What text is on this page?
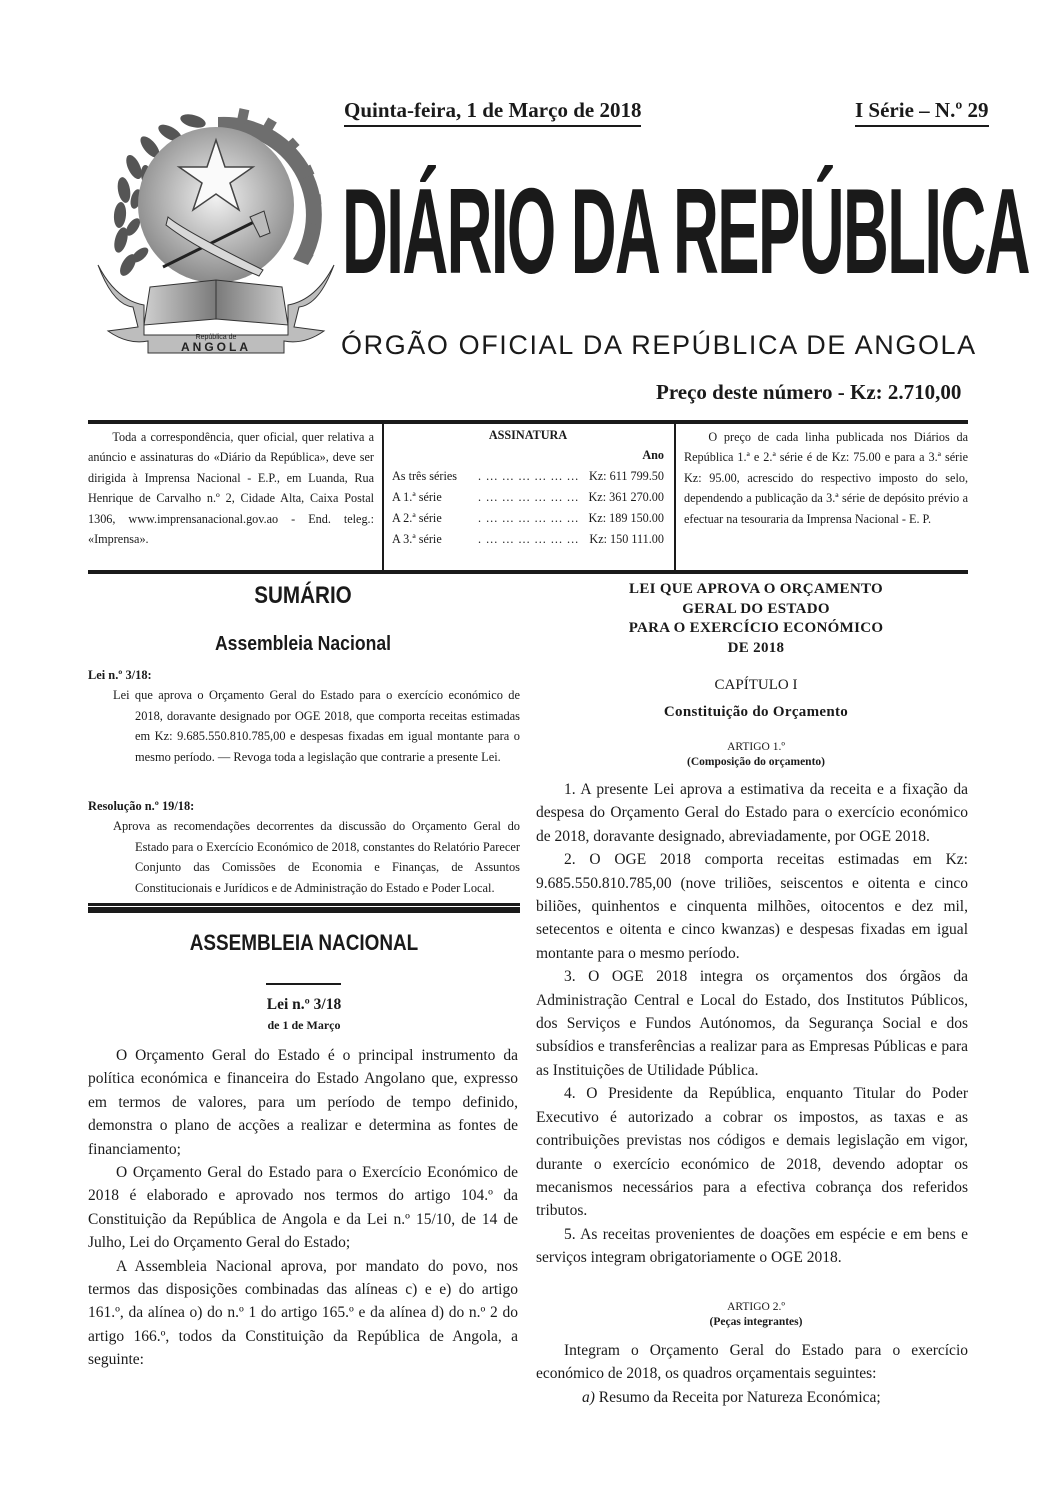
República de
ANGOLA
Quinta-feira, 1 de Março de 2018	I Série – N.º 29
DIÁRIO DA REPÚBLICA
ÓRGÃO OFICIAL DA REPÚBLICA DE ANGOLA
Preço deste número - Kz: 2.710,00
Toda a correspondência, quer oficial, quer relativa a anúncio e assinaturas do «Diário da República», deve ser dirigida à Imprensa Nacional - E.P., em Luanda, Rua Henrique de Carvalho n.º 2, Cidade Alta, Caixa Postal 1306, www.imprensanacional.gov.ao - End. teleg.: «Imprensa».
ASSINATURA
Ano
As três séries	. ... ... ... ... ... ... Kz: 611 799.50
A 1.ª série	. ... ... ... ... ... ... Kz: 361 270.00
A 2.ª série	. ... ... ... ... ... ... Kz: 189 150.00
A 3.ª série	. ... ... ... ... ... ... Kz: 150 111.00
O preço de cada linha publicada nos Diários da República 1.ª e 2.ª série é de Kz: 75.00 e para a 3.ª série Kz: 95.00, acrescido do respectivo imposto do selo, dependendo a publicação da 3.ª série de depósito prévio a efectuar na tesouraria da Imprensa Nacional - E. P.
SUMÁRIO
Assembleia Nacional
Lei n.º 3/18:

Lei que aprova o Orçamento Geral do Estado para o exercício económico de 2018, doravante designado por OGE 2018, que comporta receitas estimadas em Kz: 9.685.550.810.785,00 e despesas fixadas em igual montante para o mesmo período. — Revoga toda a legislação que contrarie a presente Lei.

Resolução n.º 19/18:

Aprova as recomendações decorrentes da discussão do Orçamento Geral do Estado para o Exercício Económico de 2018, constantes do Relatório Parecer Conjunto das Comissões de Economia e Finanças, de Assuntos Constitucionais e Jurídicos e de Administração do Estado e Poder Local.

ASSEMBLEIA NACIONAL
Lei n.º 3/18
de 1 de Março

O Orçamento Geral do Estado é o principal instrumento da política económica e financeira do Estado Angolano que, expresso em termos de valores, para um período de tempo definido, demonstra o plano de acções a realizar e determina as fontes de financiamento;

O Orçamento Geral do Estado para o Exercício Económico de 2018 é elaborado e aprovado nos termos do artigo 104.º da Constituição da República de Angola e da Lei n.º 15/10, de 14 de Julho, Lei do Orçamento Geral do Estado;

A Assembleia Nacional aprova, por mandato do povo, nos termos das disposições combinadas das alíneas c) e e) do artigo 161.º, da alínea o) do n.º 1 do artigo 165.º e da alínea d) do n.º 2 do artigo 166.º, todos da Constituição da República de Angola, a seguinte:

LEI QUE APROVA O ORÇAMENTO
GERAL DO ESTADO
PARA O EXERCÍCIO ECONÓMICO
DE 2018
CAPÍTULO I
Constituição do Orçamento
ARTIGO 1.º
(Composição do orçamento)

1. A presente Lei aprova a estimativa da receita e a fixação da despesa do Orçamento Geral do Estado para o exercício económico de 2018, doravante designado, abreviadamente, por OGE 2018.

2. O OGE 2018 comporta receitas estimadas em Kz: 9.685.550.810.785,00 (nove triliões, seiscentos e oitenta e cinco biliões, quinhentos e cinquenta milhões, oitocentos e dez mil, setecentos e oitenta e cinco kwanzas) e despesas fixadas em igual montante para o mesmo período.

3. O OGE 2018 integra os orçamentos dos órgãos da Administração Central e Local do Estado, dos Institutos Públicos, dos Serviços e Fundos Autónomos, da Segurança Social e dos subsídios e transferências a realizar para as Empresas Públicas e para as Instituições de Utilidade Pública.

4. O Presidente da República, enquanto Titular do Poder Executivo é autorizado a cobrar os impostos, as taxas e as contribuições previstas nos códigos e demais legislação em vigor, durante o exercício económico de 2018, devendo adoptar os mecanismos necessários para a efectiva cobrança dos referidos tributos.

5. As receitas provenientes de doações em espécie e em bens e serviços integram obrigatoriamente o OGE 2018.

ARTIGO 2.º
(Peças integrantes)

Integram o Orçamento Geral do Estado para o exercício económico de 2018, os quadros orçamentais seguintes:

a) Resumo da Receita por Natureza Económica;
